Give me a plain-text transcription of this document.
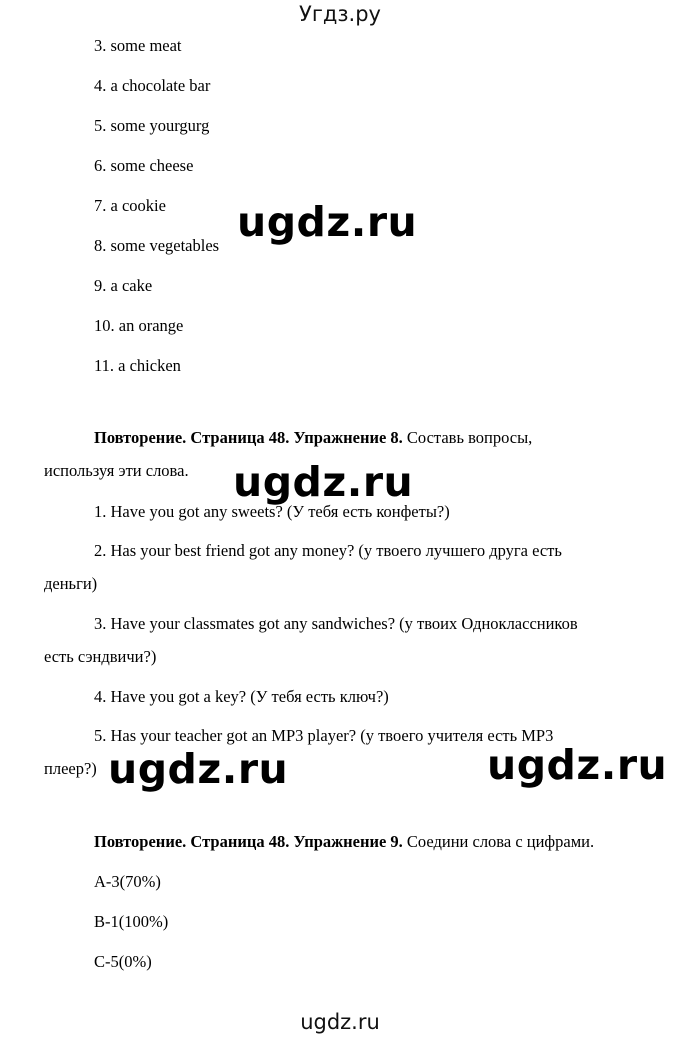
Угдз.ру
3. some meat
4. a chocolate bar
5. some yourgurg
6. some cheese
7. a cookie
8. some vegetables
9. a cake
10. an orange
11. a chicken
Повторение. Страница 48. Упражнение 8. Составь вопросы,
используя эти слова.
1. Have you got any sweets? (У тебя есть конфеты?)
2. Has your best friend got any money? (у твоего лучшего друга есть
деньги)
3. Have your classmates got any sandwiches? (у твоих Одноклассников
есть сэндвичи?)
4. Have you got a key? (У тебя есть ключ?)
5. Has your teacher got an MP3 player? (у твоего учителя есть MP3
плеер?)
Повторение. Страница 48. Упражнение 9. Соедини слова с цифрами.
A-3(70%)
B-1(100%)
C-5(0%)
ugdz.ru
ugdz.ru
ugdz.ru	ugdz.ru
ugdz.ru
